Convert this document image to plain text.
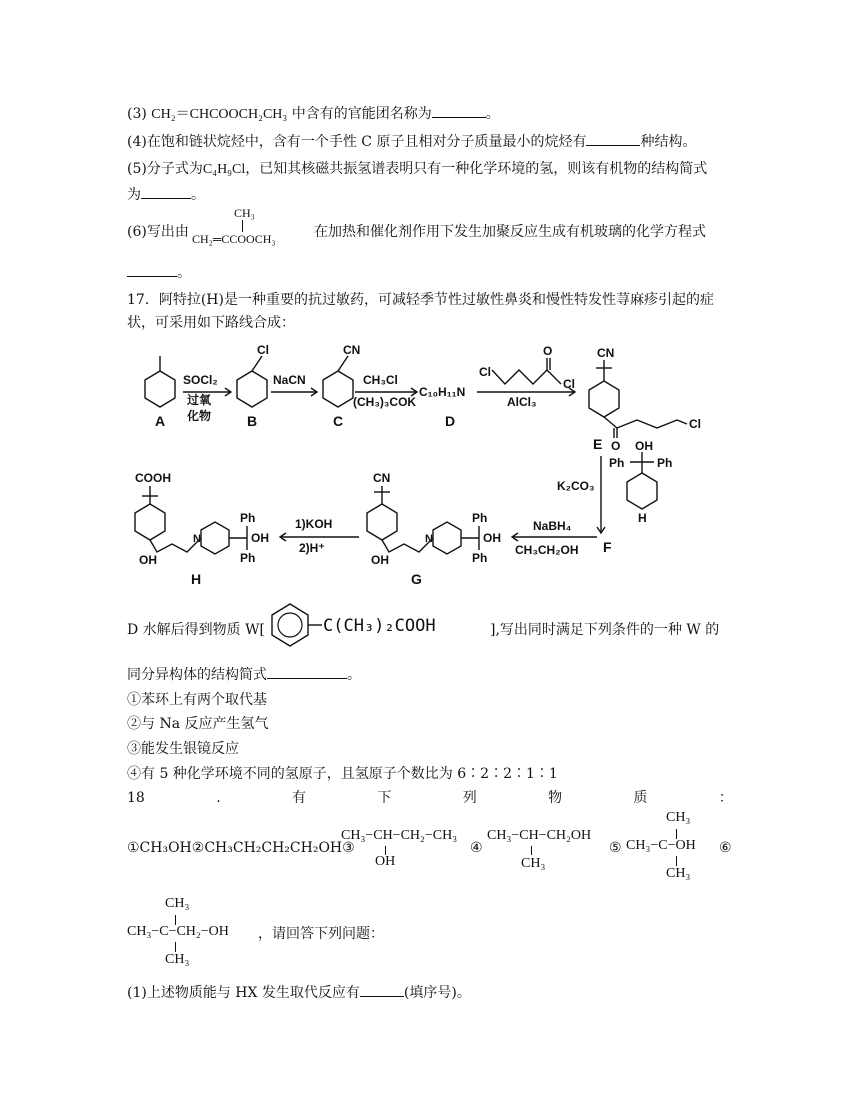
(3) CH₂＝CHCOOCH₂CH₃ 中含有的官能团名称为	。
(4)在饱和链状烷烃中，含有一个手性 C 原子且相对分子质量最小的烷烃有	种结构。
(5)分子式为C₄H₉Cl，已知其核磁共振氢谱表明只有一种化学环境的氢，则该有机物的结构简式
为	。
(6)写出由
CH₃
CH₂═CCOOCH₃	在加热和催化剂作用下发生加聚反应生成有机玻璃的化学方程式
。
17．阿特拉(H)是一种重要的抗过敏药，可减轻季节性过敏性鼻炎和慢性特发性荨麻疹引起的症
状，可采用如下路线合成：
A	B	C	D
E
F
G
H
SOCl₂
过氧
化物
NaCN	CH₃Cl
(CH₃)₃COK
C₁₀H₁₁N
AlCl₃
Cl
Cl
O
Cl	CN	CN
Cl
O
K₂CO₃
OH
Ph	Ph
H
NaBH₄
CH₃CH₂OH
CN
OH
N
Ph
OH
Ph
1)KOH
2)H⁺
COOH
OH
N
Ph
OH
Ph
D 水解后得到物质 W[	C(CH₃)₂COOH	],写出同时满足下列条件的一种 W 的
同分异构体的结构简式	。
①苯环上有两个取代基
②与 Na 反应产生氢气
③能发生银镜反应
④有 5 种化学环境不同的氢原子，且氢原子个数比为 6∶2∶2∶1∶1
18	.	有	下	列	物	质	：
①CH₃OH②CH₃CH₂CH₂CH₂OH③
CH₃−CH−CH₂−CH₃
OH
④
CH₃−CH−CH₂OH
CH₃
⑤
CH₃
CH₃−C−OH
CH₃
⑥
CH₃
CH₃−C−CH₂−OH
CH₃
，请回答下列问题：
(1)上述物质能与 HX 发生取代反应有	(填序号)。
